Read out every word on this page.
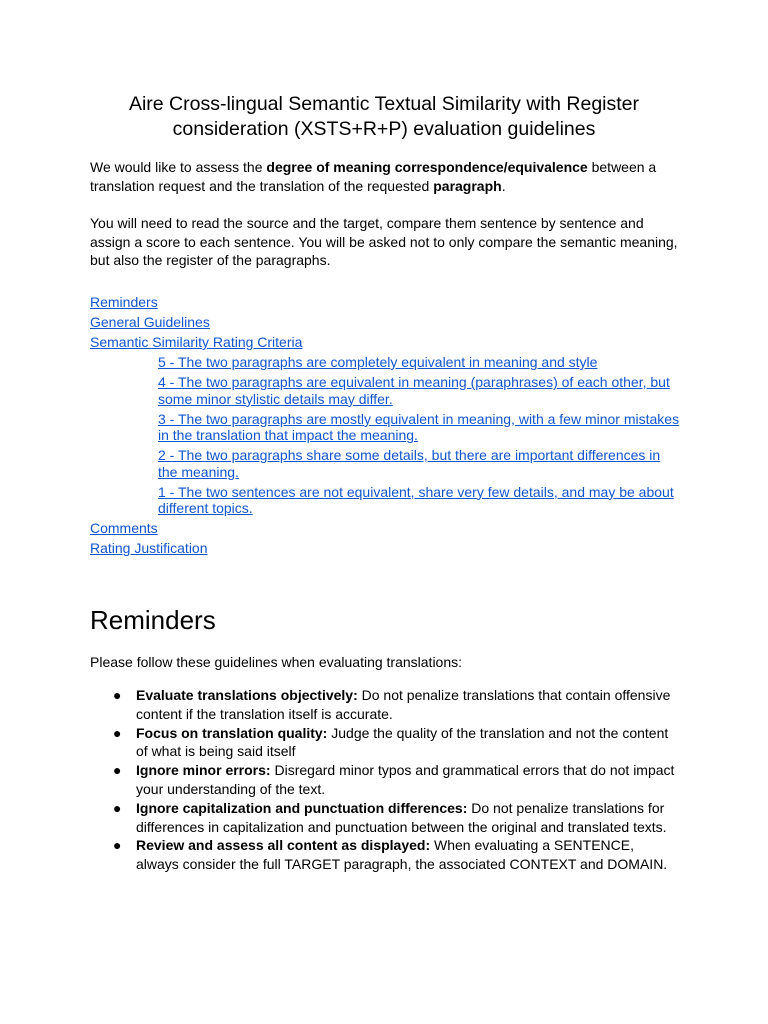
Aire Cross-lingual Semantic Textual Similarity with Register consideration (XSTS+R+P) evaluation guidelines

We would like to assess the degree of meaning correspondence/equivalence between a translation request and the translation of the requested paragraph.

You will need to read the source and the target, compare them sentence by sentence and assign a score to each sentence. You will be asked not to only compare the semantic meaning, but also the register of the paragraphs.

Reminders
General Guidelines
Semantic Similarity Rating Criteria
5 - The two paragraphs are completely equivalent in meaning and style
4 - The two paragraphs are equivalent in meaning (paraphrases) of each other, but some minor stylistic details may differ.
3 - The two paragraphs are mostly equivalent in meaning, with a few minor mistakes in the translation that impact the meaning.
2 - The two paragraphs share some details, but there are important differences in the meaning.
1 - The two sentences are not equivalent, share very few details, and may be about different topics.
Comments
Rating Justification
Reminders

Please follow these guidelines when evaluating translations:

● Evaluate translations objectively: Do not penalize translations that contain offensive content if the translation itself is accurate.
● Focus on translation quality: Judge the quality of the translation and not the content of what is being said itself
● Ignore minor errors: Disregard minor typos and grammatical errors that do not impact your understanding of the text.
● Ignore capitalization and punctuation differences: Do not penalize translations for differences in capitalization and punctuation between the original and translated texts.
● Review and assess all content as displayed: When evaluating a SENTENCE, always consider the full TARGET paragraph, the associated CONTEXT and DOMAIN.
